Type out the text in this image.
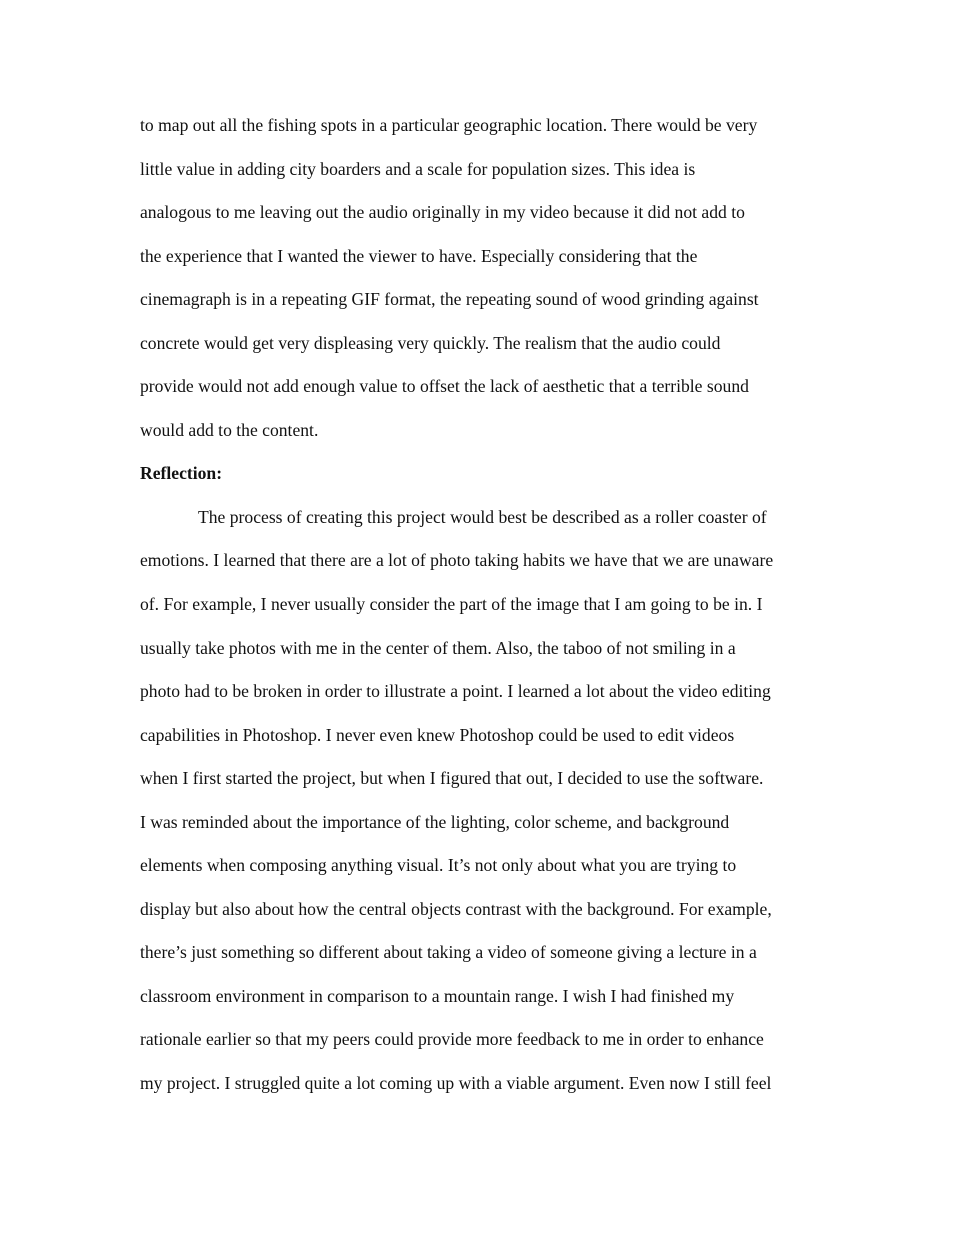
to map out all the fishing spots in a particular geographic location. There would be very
little value in adding city boarders and a scale for population sizes. This idea is
analogous to me leaving out the audio originally in my video because it did not add to
the experience that I wanted the viewer to have. Especially considering that the
cinemagraph is in a repeating GIF format, the repeating sound of wood grinding against
concrete would get very displeasing very quickly. The realism that the audio could
provide would not add enough value to offset the lack of aesthetic that a terrible sound
would add to the content.
Reflection:
The process of creating this project would best be described as a roller coaster of
emotions. I learned that there are a lot of photo taking habits we have that we are unaware
of. For example, I never usually consider the part of the image that I am going to be in. I
usually take photos with me in the center of them. Also, the taboo of not smiling in a
photo had to be broken in order to illustrate a point. I learned a lot about the video editing
capabilities in Photoshop. I never even knew Photoshop could be used to edit videos
when I first started the project, but when I figured that out, I decided to use the software.
I was reminded about the importance of the lighting, color scheme, and background
elements when composing anything visual. It’s not only about what you are trying to
display but also about how the central objects contrast with the background. For example,
there’s just something so different about taking a video of someone giving a lecture in a
classroom environment in comparison to a mountain range. I wish I had finished my
rationale earlier so that my peers could provide more feedback to me in order to enhance
my project. I struggled quite a lot coming up with a viable argument. Even now I still feel
